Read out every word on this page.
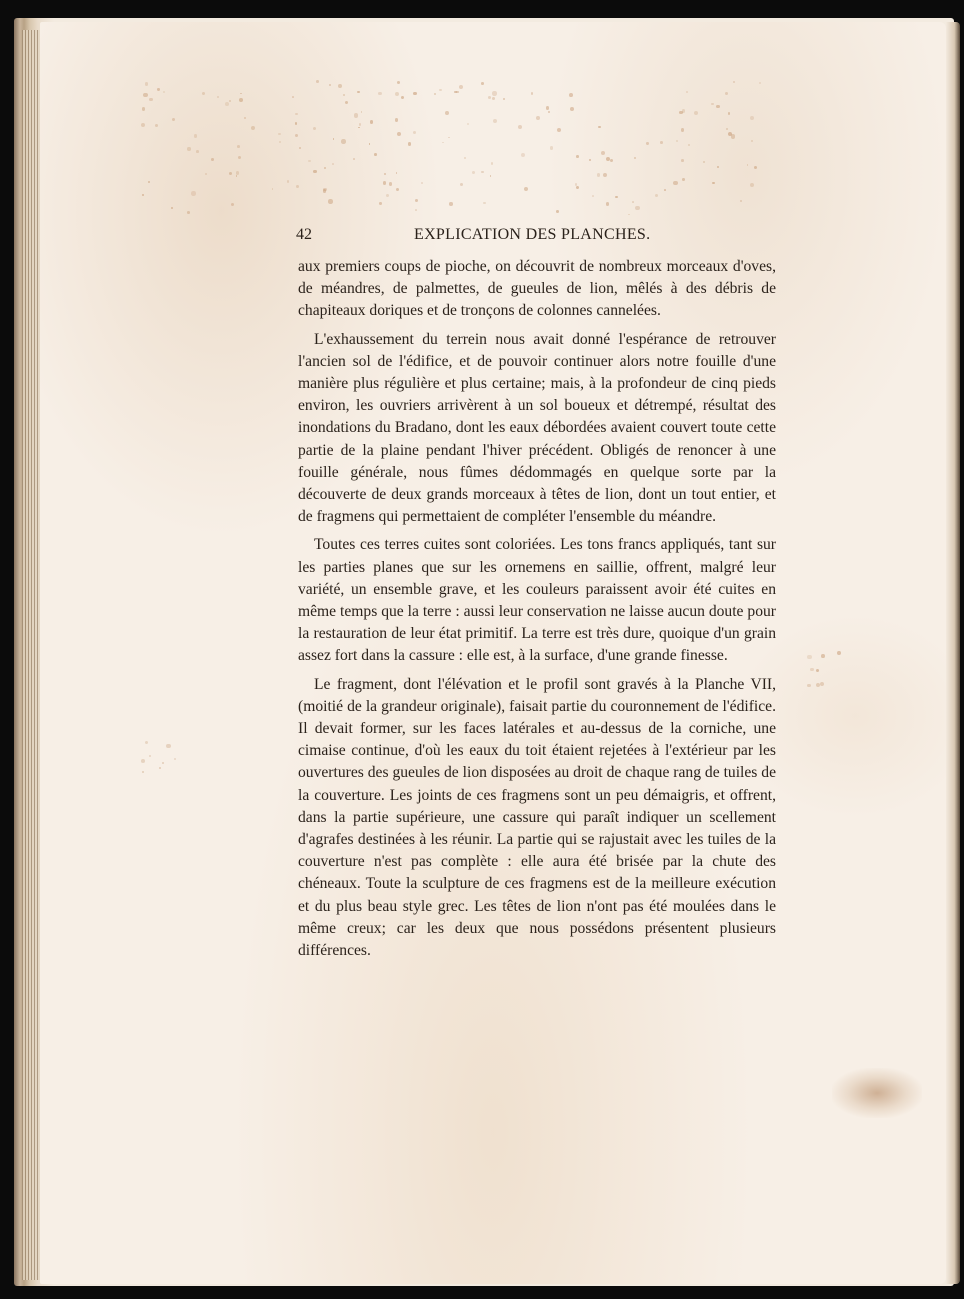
42	EXPLICATION DES PLANCHES.

aux premiers coups de pioche, on découvrit de nombreux morceaux d'oves, de méandres, de palmettes, de gueules de lion, mêlés à des débris de chapiteaux doriques et de tronçons de colonnes cannelées.

L'exhaussement du terrein nous avait donné l'espérance de retrouver l'ancien sol de l'édifice, et de pouvoir continuer alors notre fouille d'une manière plus régulière et plus certaine; mais, à la profondeur de cinq pieds environ, les ouvriers arrivèrent à un sol boueux et détrempé, résultat des inondations du Bradano, dont les eaux débordées avaient couvert toute cette partie de la plaine pendant l'hiver précédent. Obligés de renoncer à une fouille générale, nous fûmes dédommagés en quelque sorte par la découverte de deux grands morceaux à têtes de lion, dont un tout entier, et de fragmens qui permettaient de compléter l'ensemble du méandre.

Toutes ces terres cuites sont coloriées. Les tons francs appliqués, tant sur les parties planes que sur les ornemens en saillie, offrent, malgré leur variété, un ensemble grave, et les couleurs paraissent avoir été cuites en même temps que la terre : aussi leur conservation ne laisse aucun doute pour la restauration de leur état primitif. La terre est très dure, quoique d'un grain assez fort dans la cassure : elle est, à la surface, d'une grande finesse.

Le fragment, dont l'élévation et le profil sont gravés à la Planche VII, (moitié de la grandeur originale), faisait partie du couronnement de l'édifice. Il devait former, sur les faces latérales et au-dessus de la corniche, une cimaise continue, d'où les eaux du toit étaient rejetées à l'extérieur par les ouvertures des gueules de lion disposées au droit de chaque rang de tuiles de la couverture. Les joints de ces fragmens sont un peu démaigris, et offrent, dans la partie supérieure, une cassure qui paraît indiquer un scellement d'agrafes destinées à les réunir. La partie qui se rajustait avec les tuiles de la couverture n'est pas complète : elle aura été brisée par la chute des chéneaux. Toute la sculpture de ces fragmens est de la meilleure exécution et du plus beau style grec. Les têtes de lion n'ont pas été moulées dans le même creux; car les deux que nous possédons présentent plusieurs différences.
